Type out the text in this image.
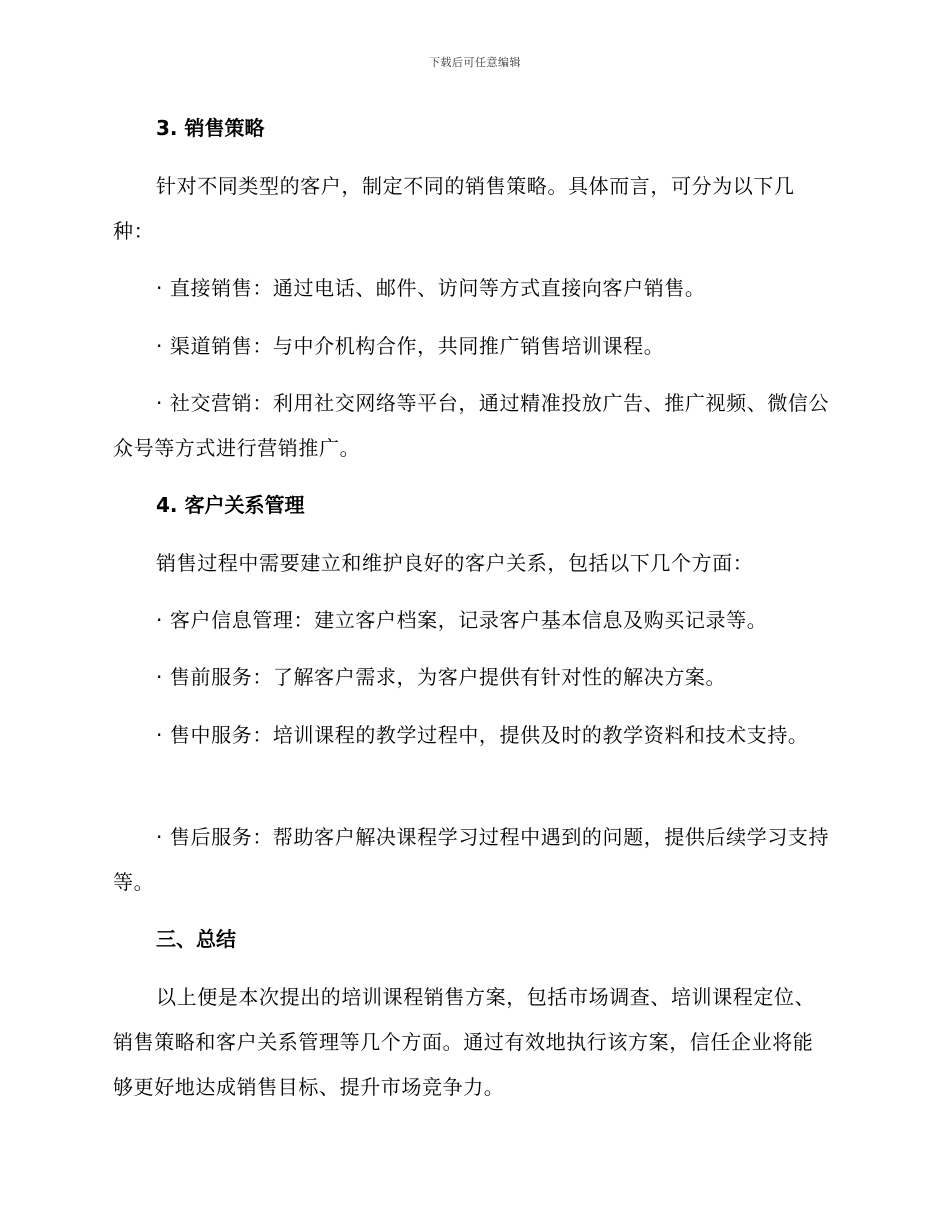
下载后可任意编辑

3. 销售策略

针对不同类型的客户，制定不同的销售策略。具体而言，可分为以下几种：

· 直接销售：通过电话、邮件、访问等方式直接向客户销售。

· 渠道销售：与中介机构合作，共同推广销售培训课程。

· 社交营销：利用社交网络等平台，通过精准投放广告、推广视频、微信公众号等方式进行营销推广。

4. 客户关系管理

销售过程中需要建立和维护良好的客户关系，包括以下几个方面：

· 客户信息管理：建立客户档案，记录客户基本信息及购买记录等。

· 售前服务：了解客户需求，为客户提供有针对性的解决方案。

· 售中服务：培训课程的教学过程中，提供及时的教学资料和技术支持。

· 售后服务：帮助客户解决课程学习过程中遇到的问题，提供后续学习支持等。

三、总结

以上便是本次提出的培训课程销售方案，包括市场调查、培训课程定位、销售策略和客户关系管理等几个方面。通过有效地执行该方案，信任企业将能够更好地达成销售目标、提升市场竞争力。
